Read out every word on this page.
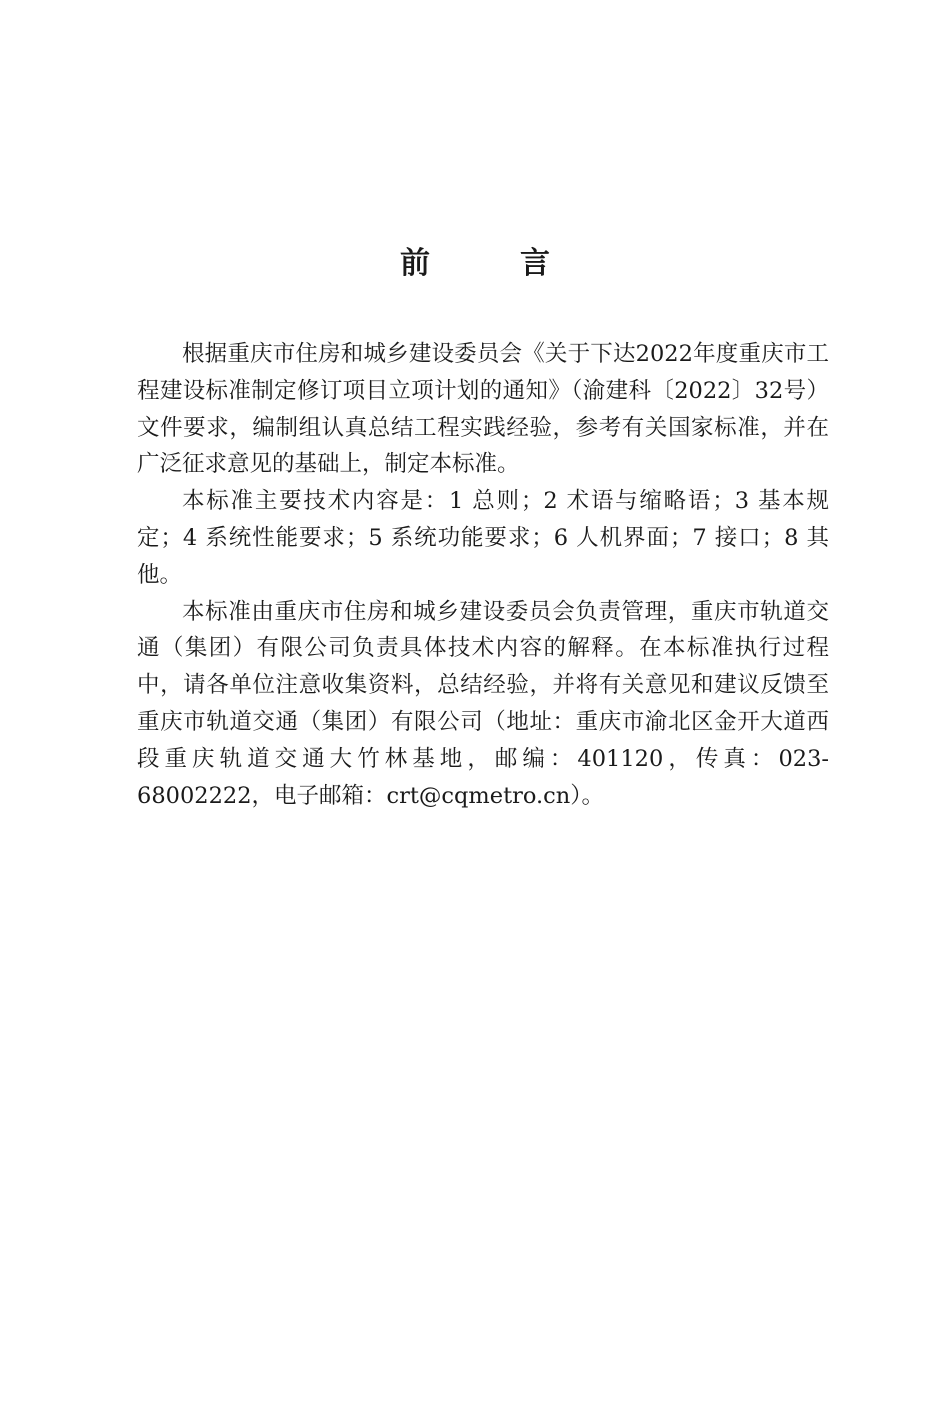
前　言

根据重庆市住房和城乡建设委员会《关于下达2022年度重庆市工程建设标准制定修订项目立项计划的通知》（渝建科〔2022〕32号）文件要求，编制组认真总结工程实践经验，参考有关国家标准，并在广泛征求意见的基础上，制定本标准。

本标准主要技术内容是：1 总则；2 术语与缩略语；3 基本规定；4 系统性能要求；5 系统功能要求；6 人机界面；7 接口；8 其他。

本标准由重庆市住房和城乡建设委员会负责管理，重庆市轨道交通（集团）有限公司负责具体技术内容的解释。在本标准执行过程中，请各单位注意收集资料，总结经验，并将有关意见和建议反馈至重庆市轨道交通（集团）有限公司（地址：重庆市渝北区金开大道西段重庆轨道交通大竹林基地，邮编：401120，传真：023-68002222，电子邮箱：crt@cqmetro.cn）。
